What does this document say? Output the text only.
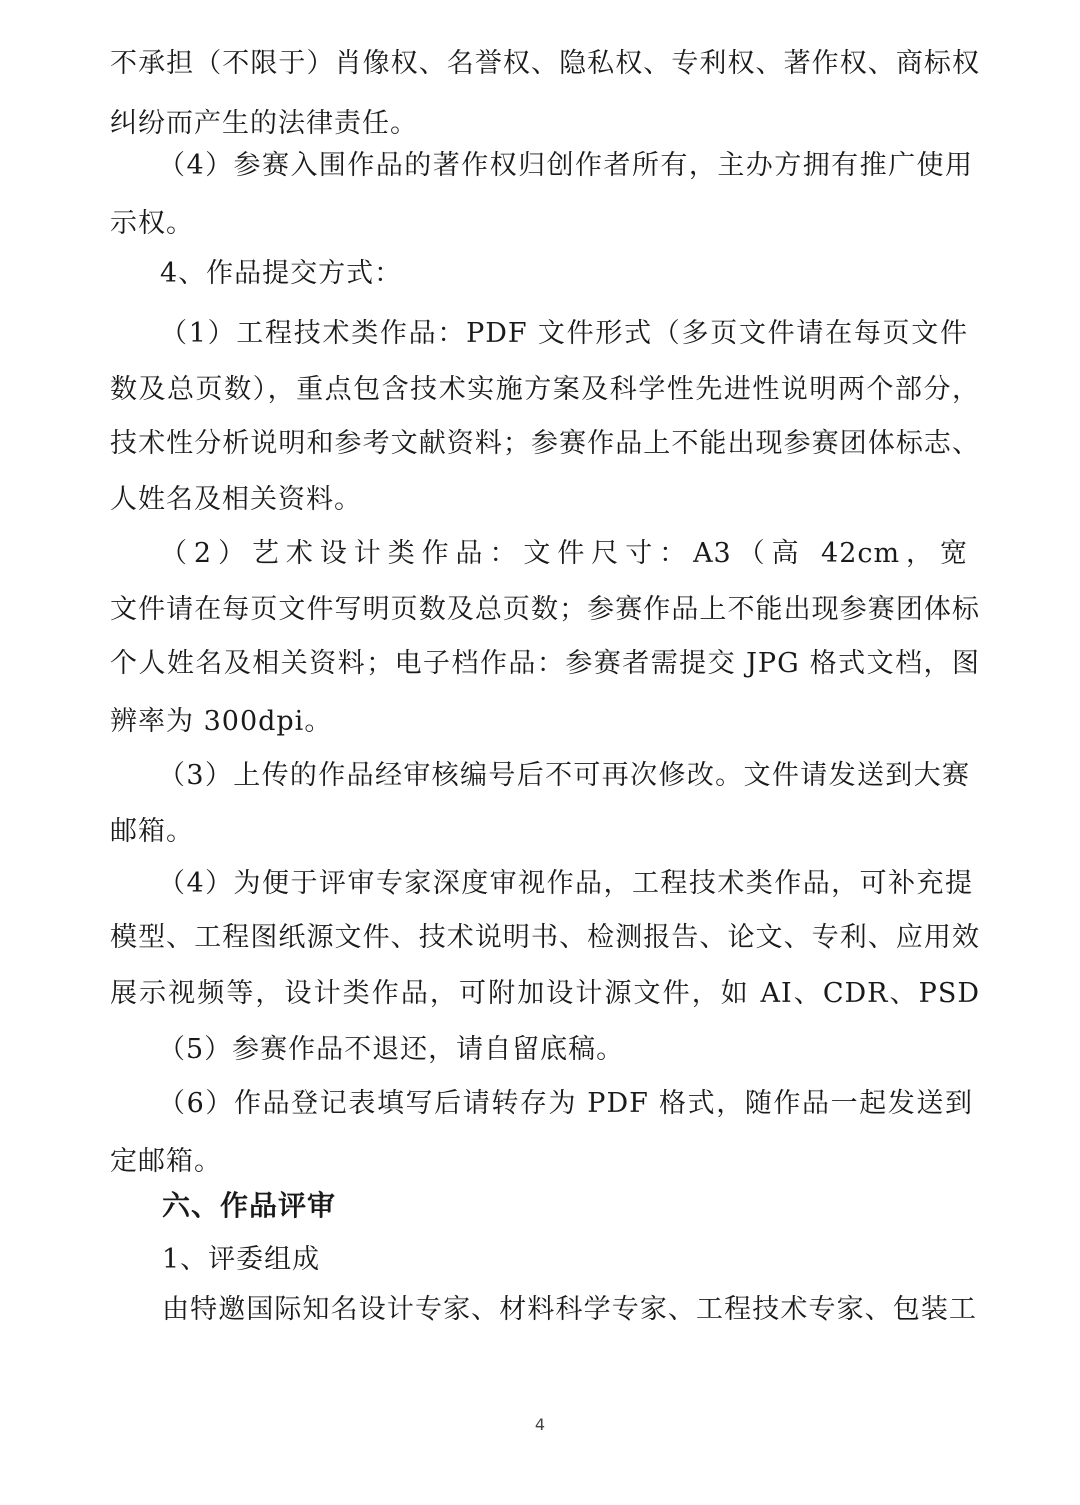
不承担（不限于）肖像权、名誉权、隐私权、专利权、著作权、商标权
纠纷而产生的法律责任。
（4）参赛入围作品的著作权归创作者所有，主办方拥有推广使用
示权。
4、作品提交方式：
（1）工程技术类作品：PDF 文件形式（多页文件请在每页文件
数及总页数），重点包含技术实施方案及科学性先进性说明两个部分，
技术性分析说明和参考文献资料；参赛作品上不能出现参赛团体标志、
人姓名及相关资料。
（2）艺术设计类作品：文件尺寸：A3（高 42cm，宽
文件请在每页文件写明页数及总页数；参赛作品上不能出现参赛团体标
个人姓名及相关资料；电子档作品：参赛者需提交 JPG 格式文档，图
辨率为 300dpi。
（3）上传的作品经审核编号后不可再次修改。文件请发送到大赛
邮箱。
（4）为便于评审专家深度审视作品，工程技术类作品，可补充提
模型、工程图纸源文件、技术说明书、检测报告、论文、专利、应用效
展示视频等，设计类作品，可附加设计源文件，如 AI、CDR、PSD
（5）参赛作品不退还，请自留底稿。
（6）作品登记表填写后请转存为 PDF 格式，随作品一起发送到
定邮箱。
六、作品评审
1、评委组成
由特邀国际知名设计专家、材料科学专家、工程技术专家、包装工
4
